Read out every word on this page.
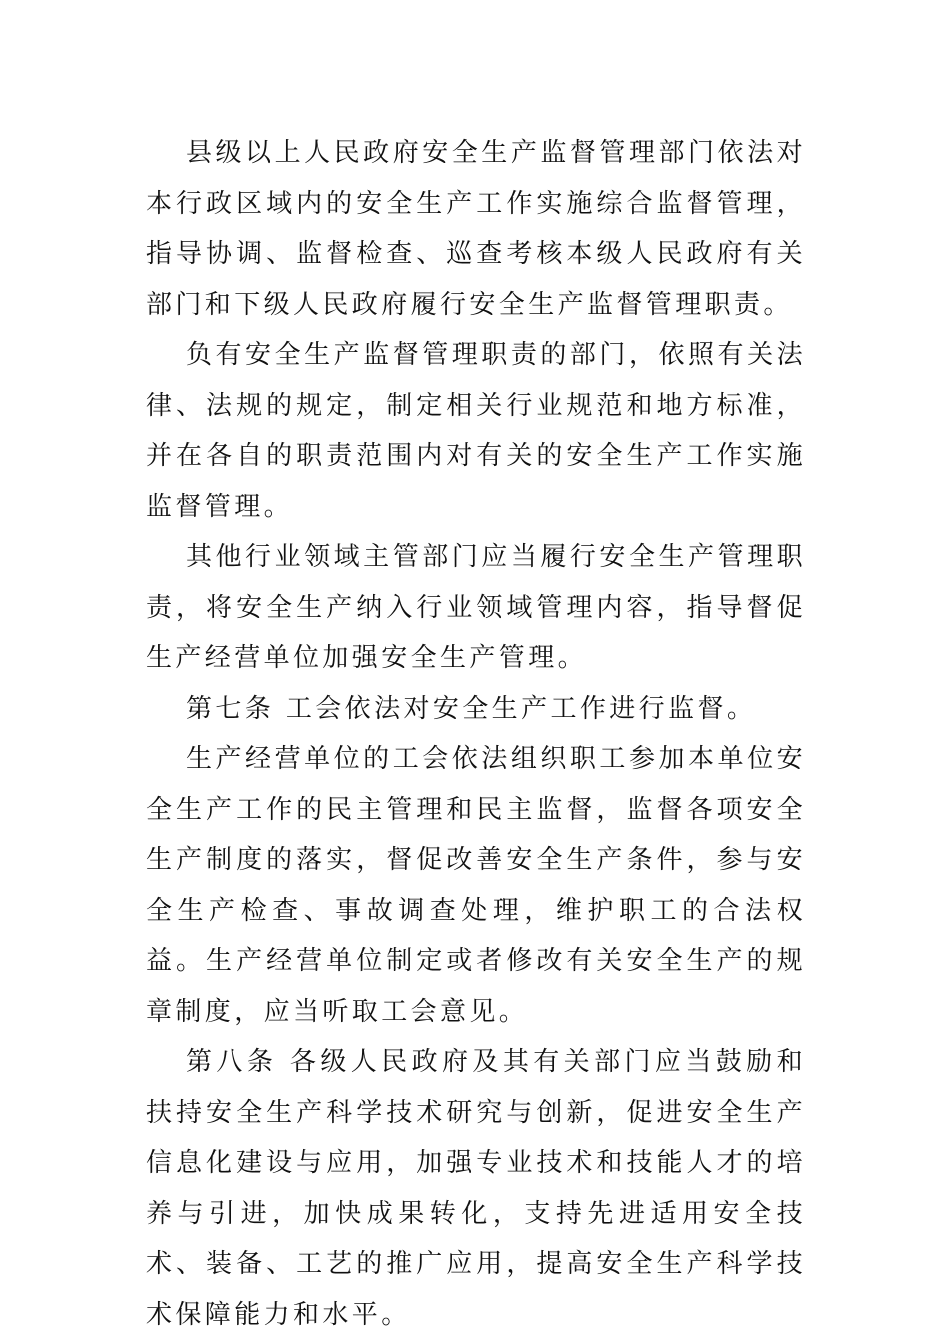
县级以上人民政府安全生产监督管理部门依法对本行政区域内的安全生产工作实施综合监督管理，指导协调、监督检查、巡查考核本级人民政府有关部门和下级人民政府履行安全生产监督管理职责。

负有安全生产监督管理职责的部门，依照有关法律、法规的规定，制定相关行业规范和地方标准，并在各自的职责范围内对有关的安全生产工作实施监督管理。

其他行业领域主管部门应当履行安全生产管理职责，将安全生产纳入行业领域管理内容，指导督促生产经营单位加强安全生产管理。

第七条 工会依法对安全生产工作进行监督。

生产经营单位的工会依法组织职工参加本单位安全生产工作的民主管理和民主监督，监督各项安全生产制度的落实，督促改善安全生产条件，参与安全生产检查、事故调查处理，维护职工的合法权益。生产经营单位制定或者修改有关安全生产的规章制度，应当听取工会意见。

第八条 各级人民政府及其有关部门应当鼓励和扶持安全生产科学技术研究与创新，促进安全生产信息化建设与应用，加强专业技术和技能人才的培养与引进，加快成果转化，支持先进适用安全技术、装备、工艺的推广应用，提高安全生产科学技术保障能力和水平。
